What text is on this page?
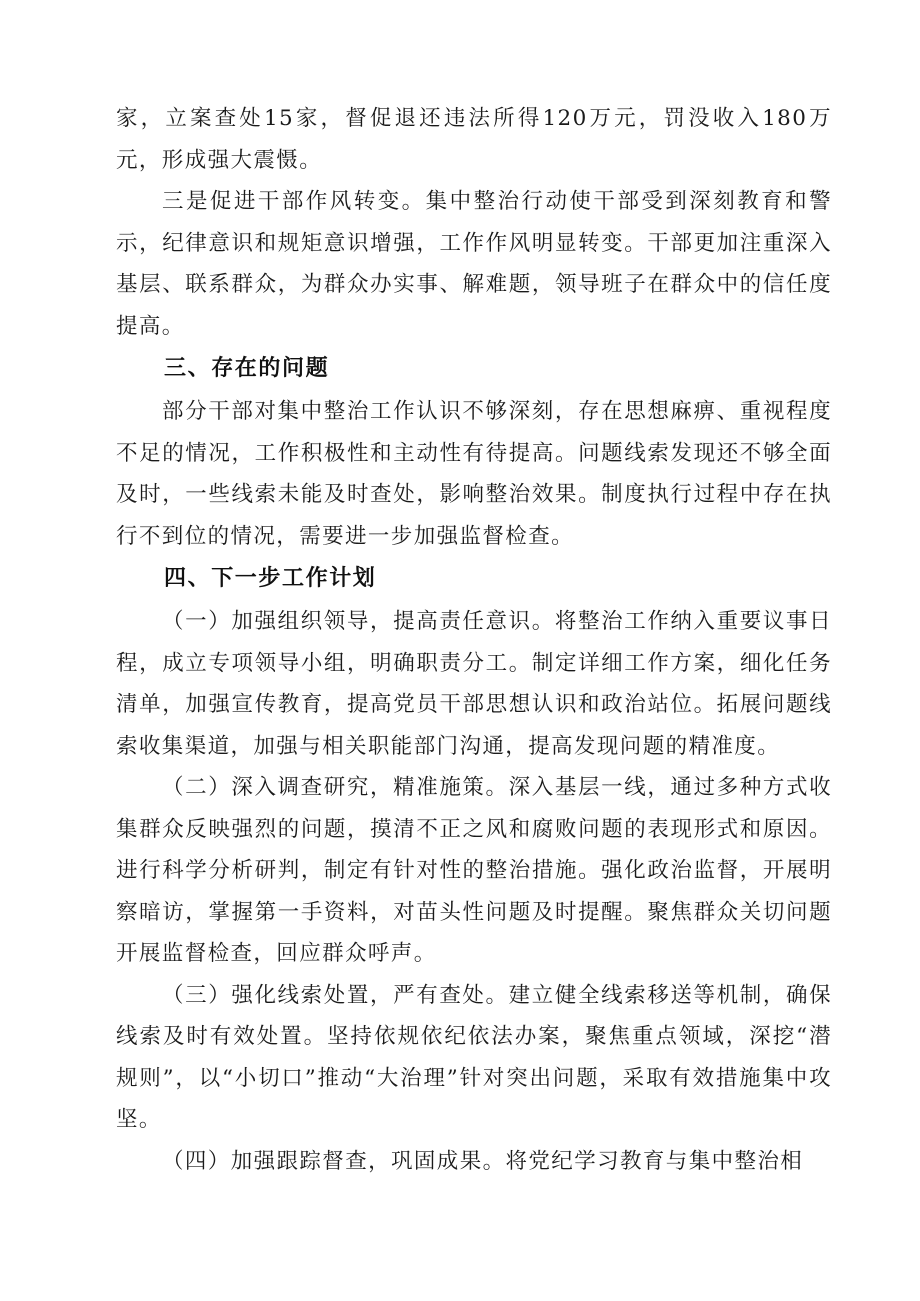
家，立案查处15家，督促退还违法所得120万元，罚没收入180万元，形成强大震慑。

三是促进干部作风转变。集中整治行动使干部受到深刻教育和警示，纪律意识和规矩意识增强，工作作风明显转变。干部更加注重深入基层、联系群众，为群众办实事、解难题，领导班子在群众中的信任度提高。

三、存在的问题

部分干部对集中整治工作认识不够深刻，存在思想麻痹、重视程度不足的情况，工作积极性和主动性有待提高。问题线索发现还不够全面及时，一些线索未能及时查处，影响整治效果。制度执行过程中存在执行不到位的情况，需要进一步加强监督检查。

四、下一步工作计划

（一）加强组织领导，提高责任意识。将整治工作纳入重要议事日程，成立专项领导小组，明确职责分工。制定详细工作方案，细化任务清单，加强宣传教育，提高党员干部思想认识和政治站位。拓展问题线索收集渠道，加强与相关职能部门沟通，提高发现问题的精准度。

（二）深入调查研究，精准施策。深入基层一线，通过多种方式收集群众反映强烈的问题，摸清不正之风和腐败问题的表现形式和原因。进行科学分析研判，制定有针对性的整治措施。强化政治监督，开展明察暗访，掌握第一手资料，对苗头性问题及时提醒。聚焦群众关切问题开展监督检查，回应群众呼声。

（三）强化线索处置，严有查处。建立健全线索移送等机制，确保线索及时有效处置。坚持依规依纪依法办案，聚焦重点领域，深挖“潜规则”，以“小切口”推动“大治理”针对突出问题，采取有效措施集中攻坚。

（四）加强跟踪督查，巩固成果。将党纪学习教育与集中整治相
